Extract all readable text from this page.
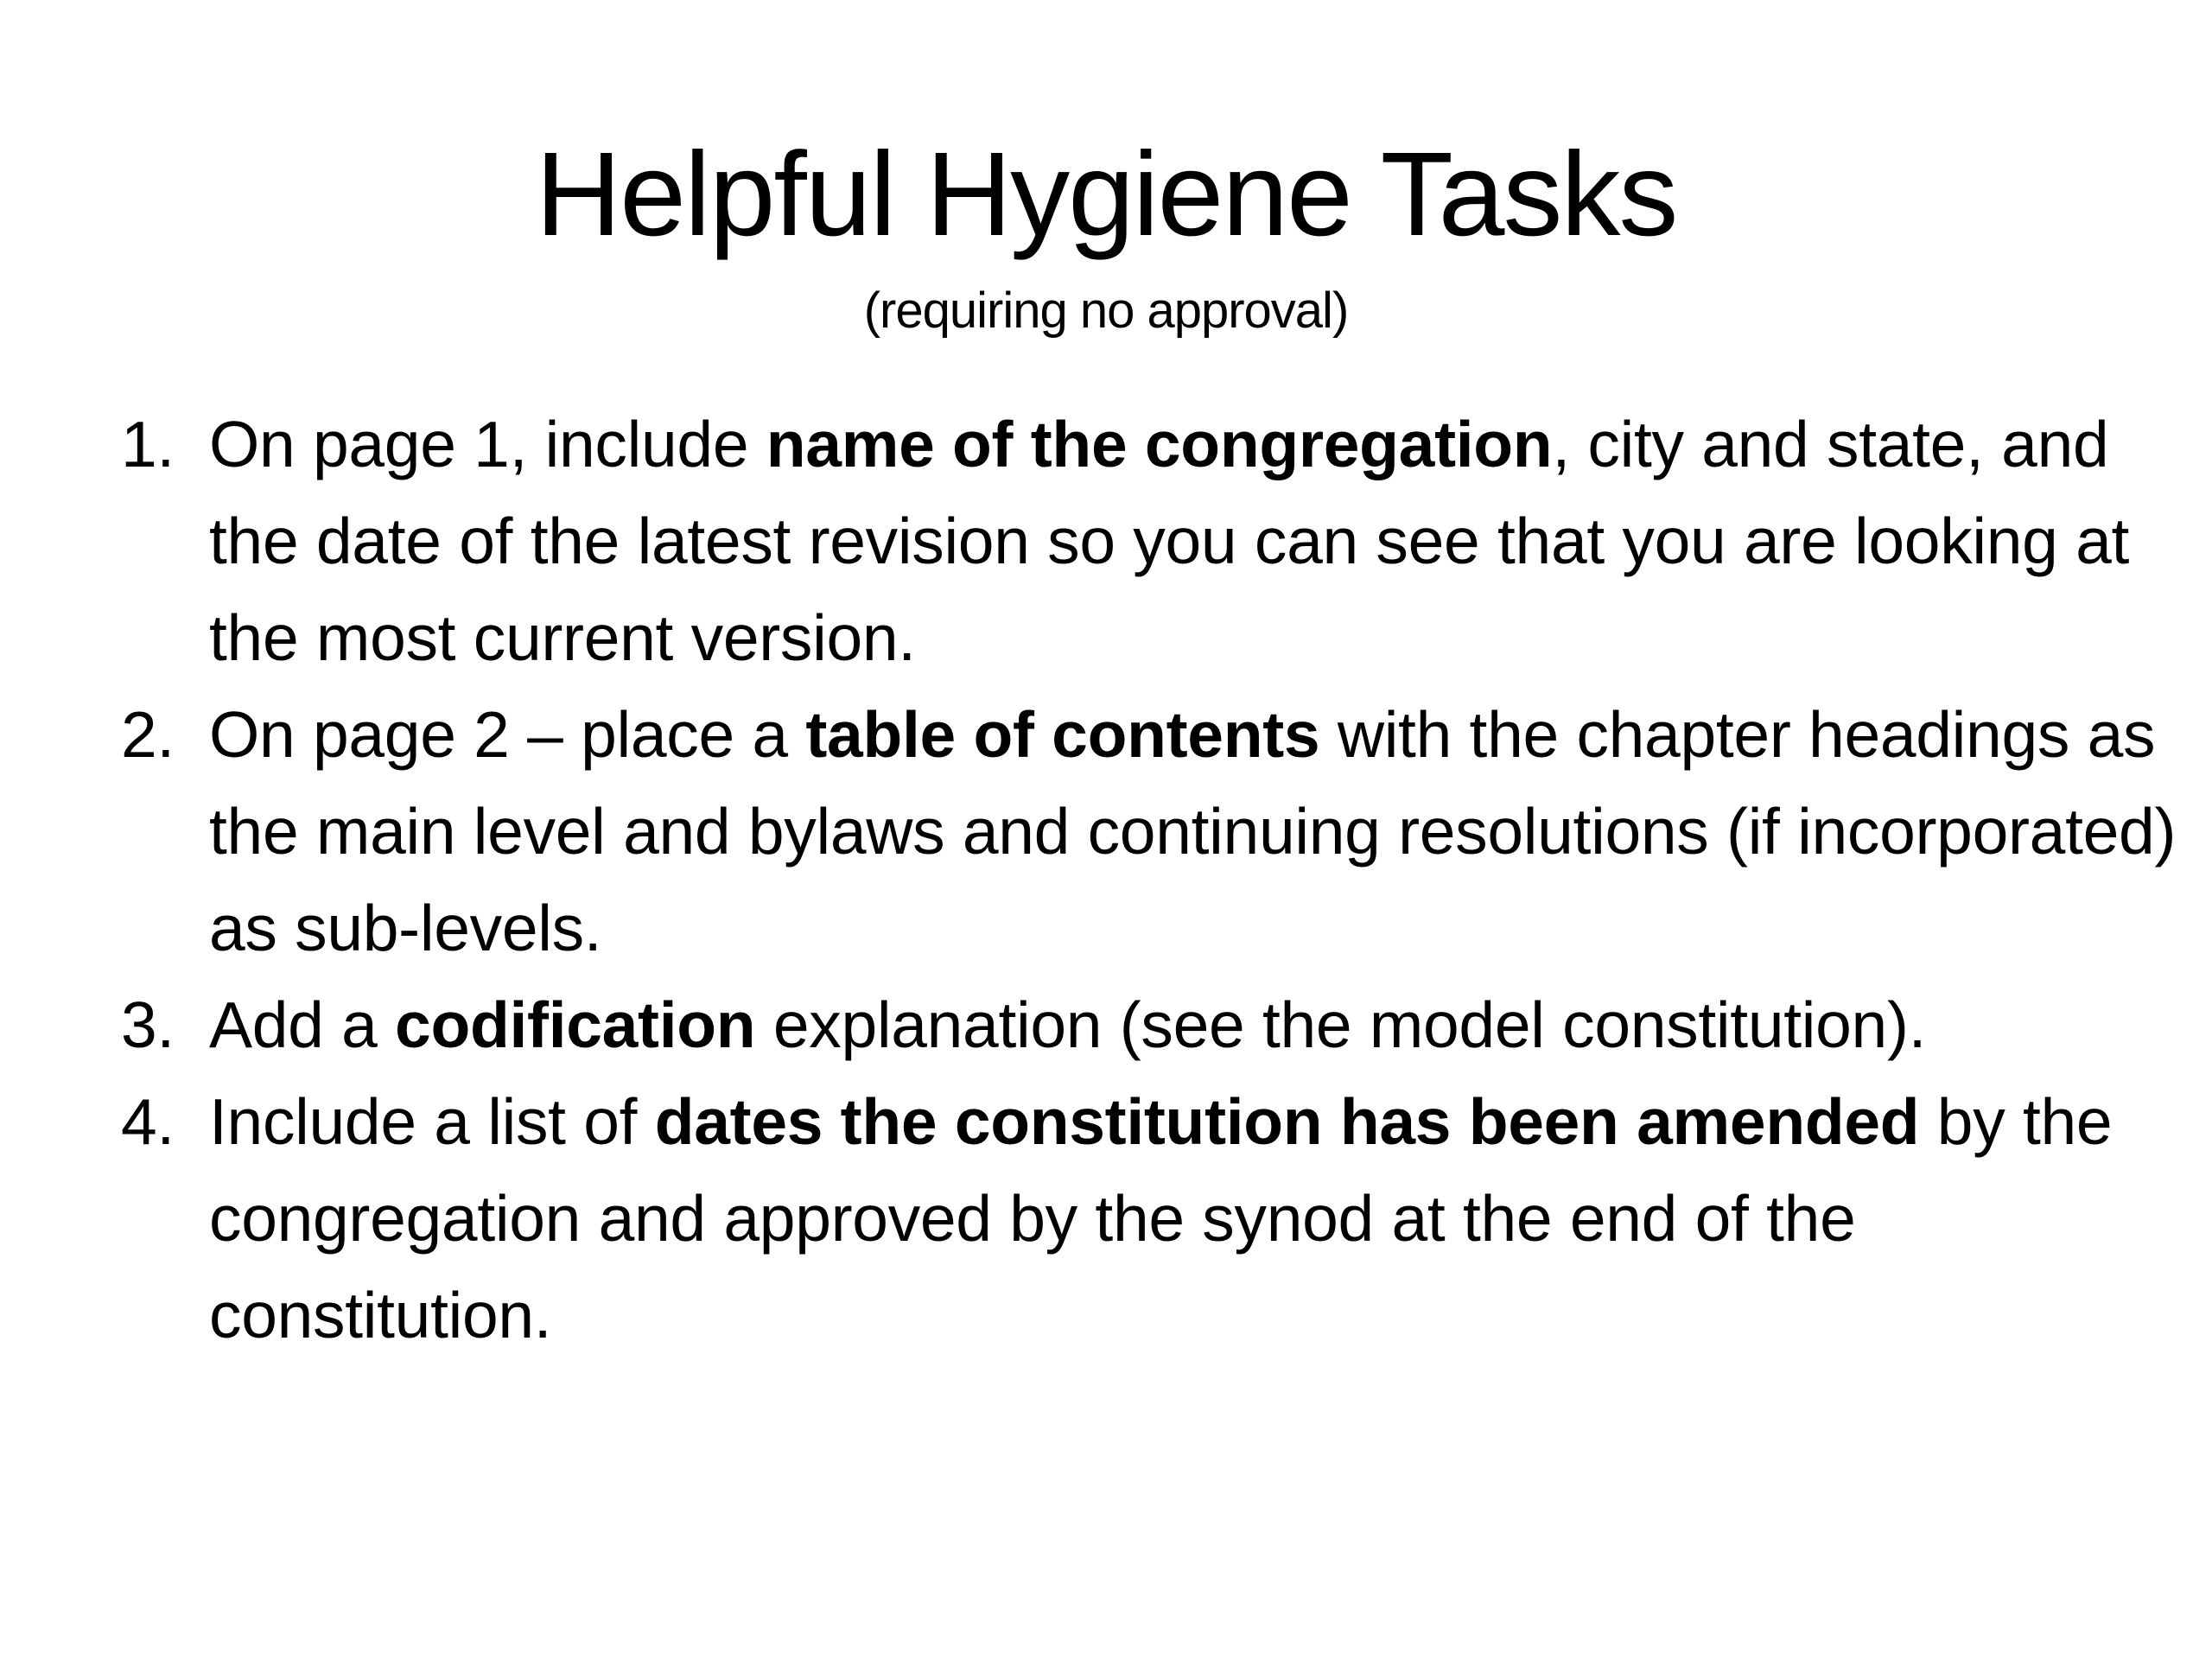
Helpful Hygiene Tasks
(requiring no approval)
1. On page 1, include name of the congregation, city and state, and the date of the latest revision so you can see that you are looking at the most current version.
2. On page 2 – place a table of contents with the chapter headings as the main level and bylaws and continuing resolutions (if incorporated) as sub-levels.
3. Add a codification explanation (see the model constitution).
4. Include a list of dates the constitution has been amended by the congregation and approved by the synod at the end of the constitution.
